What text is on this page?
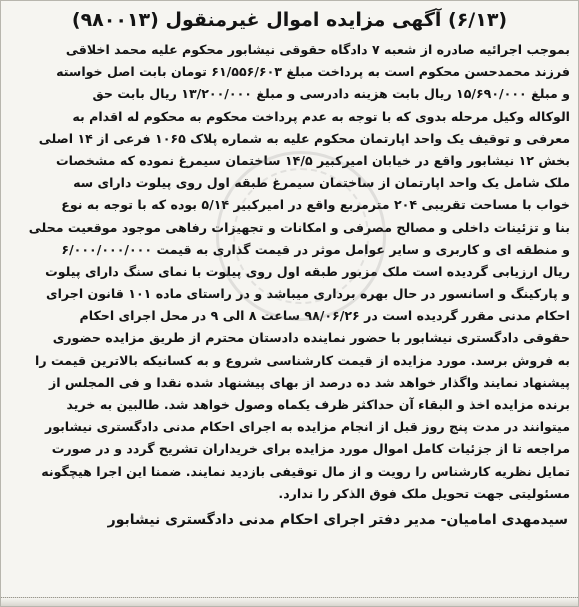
(۶/۱۳) آگهی مزایده اموال غیرمنقول (۹۸۰۰۱۳)
بموجب اجرائیه صادره از شعبه ۷ دادگاه حقوقی نیشابور محکوم علیه محمد اخلاقی
فرزند محمدحسن محکوم است به پرداخت مبلغ ۶۱/۵۵۶/۶۰۳ تومان بابت اصل خواسته
و مبلغ ۱۵/۶۹۰/۰۰۰ ریال بابت هزینه دادرسی و مبلغ ۱۳/۲۰۰/۰۰۰ ریال بابت حق
الوکاله وکیل مرحله بدوی که با توجه به عدم پرداخت محکوم به محکوم له اقدام به
معرفی و توقیف یک واحد اپارتمان محکوم علیه به شماره پلاک ۱۰۶۵ فرعی از ۱۴ اصلی
بخش ۱۲ نیشابور واقع در خیابان امیرکبیر ۱۴/۵ ساختمان سیمرغ نموده که مشخصات
ملک شامل یک واحد اپارتمان از ساختمان سیمرغ طبقه اول روی پیلوت دارای سه
خواب با مساحت تقریبی ۲۰۴ مترمربع واقع در امیرکبیر ۵/۱۴ بوده که با توجه به نوع
بنا و تزئینات داخلی و مصالح مصرفی و امکانات و تجهیزات رفاهی موجود موقعیت محلی
و منطقه ای و کاربری و سایر عوامل موثر در قیمت گذاری به قیمت ۶/۰۰۰/۰۰۰/۰۰۰
ریال ارزیابی گردیده است ملک مزبور طبقه اول روی پیلوت با نمای سنگ دارای پیلوت
و پارکینگ و اسانسور در حال بهره برداری میباشد و در راستای ماده ۱۰۱ قانون اجرای
احکام مدنی مقرر گردیده است در ۹۸/۰۶/۲۶ ساعت ۸ الی ۹ در محل اجرای احکام
حقوقی دادگستری نیشابور با حضور نماینده دادستان محترم از طریق مزایده حضوری
به فروش برسد. مورد مزایده از قیمت کارشناسی شروع و به کسانیکه بالاترین قیمت را
پیشنهاد نمایند واگذار خواهد شد ده درصد از بهای پیشنهاد شده نقدا و فی المجلس از
برنده مزایده اخذ و البقاء آن حداکثر ظرف یکماه وصول خواهد شد. طالبین به خرید
میتوانند در مدت پنج روز قبل از انجام مزایده به اجرای احکام مدنی دادگستری نیشابور
مراجعه تا از جزئیات کامل اموال مورد مزایده برای خریداران تشریح گردد و در صورت
تمایل نظریه کارشناس را رویت و از مال توقیفی بازدید نمایند. ضمنا این اجرا هیچگونه
مسئولیتی جهت تحویل ملک فوق الذکر را ندارد.
سیدمهدی امامیان- مدیر دفتر اجرای احکام مدنی دادگستری نیشابور
